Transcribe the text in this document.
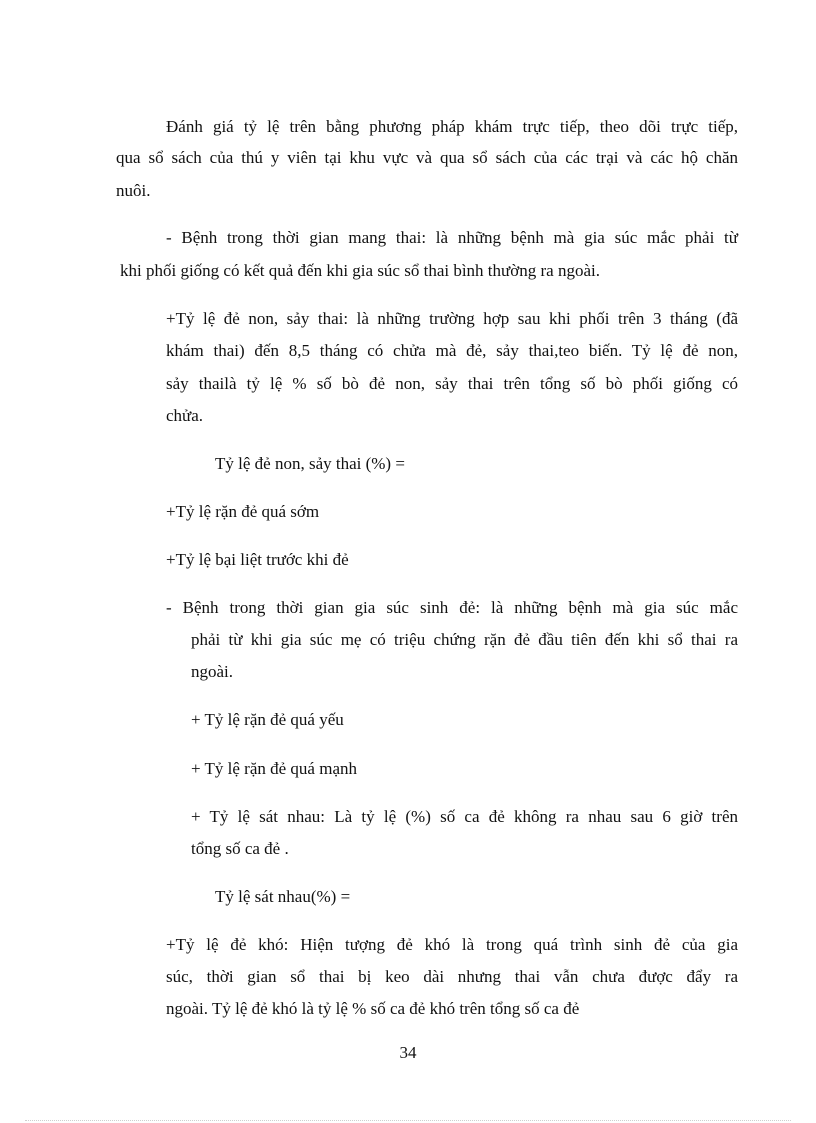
Đánh giá tỷ lệ trên bằng phương pháp khám trực tiếp, theo dõi trực tiếp,
qua sổ sách của thú y viên tại khu vực và qua sổ sách của các trại và các hộ chăn
nuôi.
- Bệnh trong thời gian mang thai: là những bệnh mà gia súc mắc phải từ
khi phối giống có kết quả đến khi gia súc sổ thai bình thường ra ngoài.
+Tỷ lệ đẻ non, sảy thai: là những trường hợp sau khi phối trên 3 tháng (đã
khám thai) đến 8,5 tháng có chửa mà đẻ, sảy thai,teo biến. Tỷ lệ đẻ non,
sảy thailà tỷ lệ % số bò đẻ non, sảy thai trên tổng số bò phối giống có
chửa.
Tỷ lệ đẻ non, sảy thai (%) =
+Tỷ lệ rặn đẻ quá sớm
+Tỷ lệ bại liệt trước khi đẻ
- Bệnh trong thời gian gia súc sinh đẻ: là những bệnh mà gia súc mắc
phải từ khi gia súc mẹ có triệu chứng rặn đẻ đầu tiên đến khi sổ thai ra
ngoài.
+ Tỷ lệ rặn đẻ quá yếu
+ Tỷ lệ rặn đẻ quá mạnh
+ Tỷ lệ sát nhau: Là tỷ lệ (%) số ca đẻ không ra nhau sau 6 giờ trên
tổng số ca đẻ .
Tỷ lệ sát nhau(%) =
+Tỷ lệ đẻ khó: Hiện tượng đẻ khó là trong quá trình sinh đẻ của gia
súc, thời gian sổ thai bị keo dài nhưng thai vẫn chưa được đẩy ra
ngoài. Tỷ lệ đẻ khó là tỷ lệ % số ca đẻ khó trên tổng số ca đẻ
34
